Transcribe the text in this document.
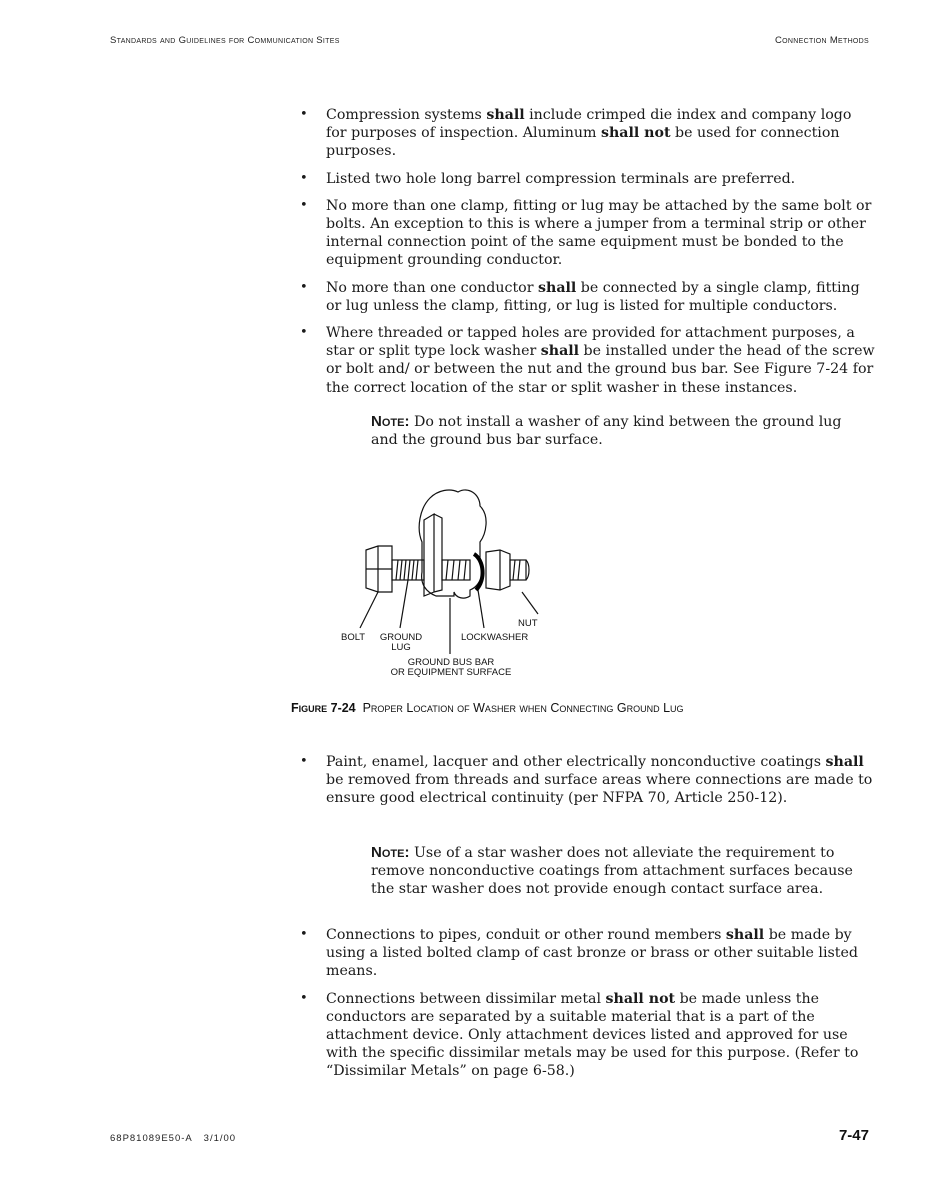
Standards and Guidelines for Communication Sites	Connection Methods
• Compression systems shall include crimped die index and company logo for purposes of inspection. Aluminum shall not be used for connection purposes.
• Listed two hole long barrel compression terminals are preferred.
• No more than one clamp, fitting or lug may be attached by the same bolt or bolts. An exception to this is where a jumper from a terminal strip or other internal connection point of the same equipment must be bonded to the equipment grounding conductor.
• No more than one conductor shall be connected by a single clamp, fitting or lug unless the clamp, fitting, or lug is listed for multiple conductors.
• Where threaded or tapped holes are provided for attachment purposes, a star or split type lock washer shall be installed under the head of the screw or bolt and/ or between the nut and the ground bus bar. See Figure 7-24 for the correct location of the star or split washer in these instances.
Note: Do not install a washer of any kind between the ground lug and the ground bus bar surface.
NUT
BOLT	GROUND
LUG
LOCKWASHER
GROUND BUS BAR
OR EQUIPMENT SURFACE
Figure 7-24 Proper Location of Washer when Connecting Ground Lug
• Paint, enamel, lacquer and other electrically nonconductive coatings shall be removed from threads and surface areas where connections are made to ensure good electrical continuity (per NFPA 70, Article 250-12).
Note: Use of a star washer does not alleviate the requirement to remove nonconductive coatings from attachment surfaces because the star washer does not provide enough contact surface area.
• Connections to pipes, conduit or other round members shall be made by using a listed bolted clamp of cast bronze or brass or other suitable listed means.
• Connections between dissimilar metal shall not be made unless the conductors are separated by a suitable material that is a part of the attachment device. Only attachment devices listed and approved for use with the specific dissimilar metals may be used for this purpose. (Refer to “Dissimilar Metals” on page 6-58.)
68P81089E50-A 3/1/00	7-47
